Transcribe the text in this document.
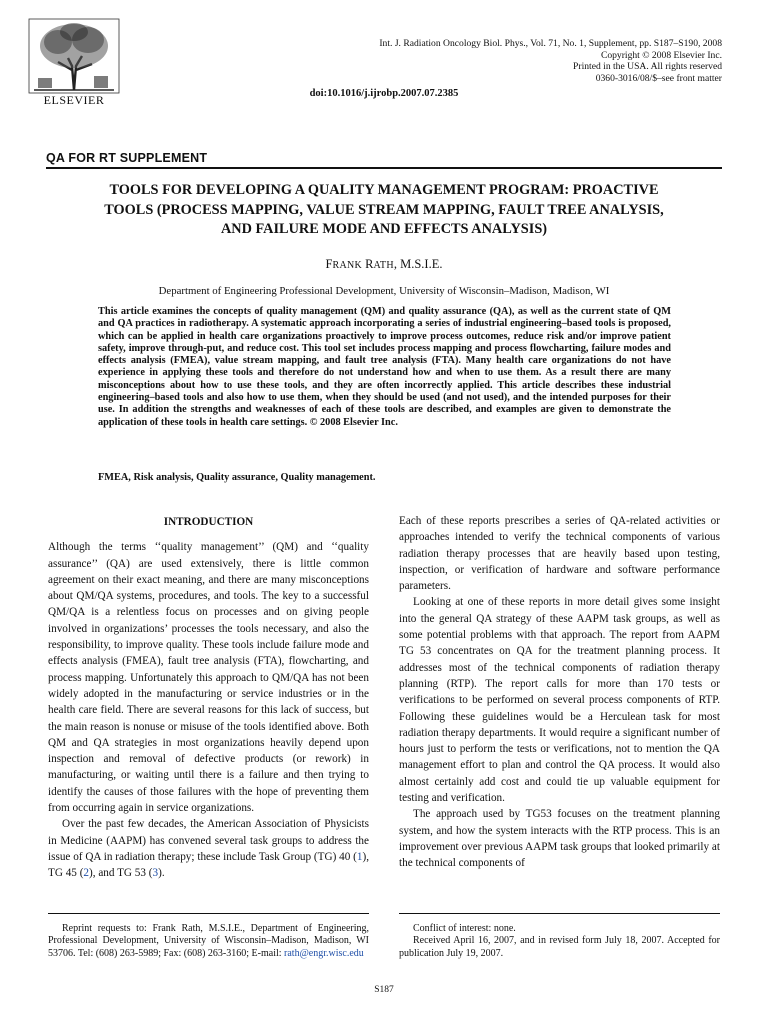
ELSEVIER
Int. J. Radiation Oncology Biol. Phys., Vol. 71, No. 1, Supplement, pp. S187–S190, 2008
Copyright © 2008 Elsevier Inc.
Printed in the USA. All rights reserved
0360-3016/08/$–see front matter
doi:10.1016/j.ijrobp.2007.07.2385
QA FOR RT SUPPLEMENT
TOOLS FOR DEVELOPING A QUALITY MANAGEMENT PROGRAM: PROACTIVE
TOOLS (PROCESS MAPPING, VALUE STREAM MAPPING, FAULT TREE ANALYSIS,
AND FAILURE MODE AND EFFECTS ANALYSIS)
FRANK RATH, M.S.I.E.
Department of Engineering Professional Development, University of Wisconsin–Madison, Madison, WI
This article examines the concepts of quality management (QM) and quality assurance (QA), as well as the current state of QM and QA practices in radiotherapy. A systematic approach incorporating a series of industrial engineering–based tools is proposed, which can be applied in health care organizations proactively to improve process outcomes, reduce risk and/or improve patient safety, improve through-put, and reduce cost. This tool set includes process mapping and process flowcharting, failure modes and effects analysis (FMEA), value stream mapping, and fault tree analysis (FTA). Many health care organizations do not have experience in applying these tools and therefore do not understand how and when to use them. As a result there are many misconceptions about how to use these tools, and they are often incorrectly applied. This article describes these industrial engineering–based tools and also how to use them, when they should be used (and not used), and the intended purposes for their use. In addition the strengths and weaknesses of each of these tools are described, and examples are given to demonstrate the application of these tools in health care settings. © 2008 Elsevier Inc.
FMEA, Risk analysis, Quality assurance, Quality management.

INTRODUCTION

Although the terms ‘‘quality management’’ (QM) and ‘‘quality assurance’’ (QA) are used extensively, there is little common agreement on their exact meaning, and there are many misconceptions about QM/QA systems, procedures, and tools. The key to a successful QM/QA is a relentless focus on processes and on giving people involved in organizations’ processes the tools necessary, and also the responsibility, to improve quality. These tools include failure mode and effects analysis (FMEA), fault tree analysis (FTA), flowcharting, and process mapping. Unfortunately this approach to QM/QA has not been widely adopted in the manufacturing or service industries or in the health care field. There are several reasons for this lack of success, but the main reason is nonuse or misuse of the tools identified above. Both QM and QA strategies in most organizations heavily depend upon inspection and removal of defective products (or rework) in manufacturing, or waiting until there is a failure and then trying to identify the causes of those failures with the hope of preventing them from occurring again in service organizations.

Over the past few decades, the American Association of Physicists in Medicine (AAPM) has convened several task groups to address the issue of QA in radiation therapy; these include Task Group (TG) 40 (1), TG 45 (2), and TG 53 (3).

Each of these reports prescribes a series of QA-related activities or approaches intended to verify the technical components of various radiation therapy processes that are heavily based upon testing, inspection, or verification of hardware and software performance parameters.

Looking at one of these reports in more detail gives some insight into the general QA strategy of these AAPM task groups, as well as some potential problems with that approach. The report from AAPM TG 53 concentrates on QA for the treatment planning process. It addresses most of the technical components of radiation therapy planning (RTP). The report calls for more than 170 tests or verifications to be performed on several process components of RTP. Following these guidelines would be a Herculean task for most radiation therapy departments. It would require a significant number of hours just to perform the tests or verifications, not to mention the QA management effort to plan and control the QA process. It would also almost certainly add cost and could tie up valuable equipment for testing and verification.

The approach used by TG53 focuses on the treatment planning system, and how the system interacts with the RTP process. This is an improvement over previous AAPM task groups that looked primarily at the technical components of

Reprint requests to: Frank Rath, M.S.I.E., Department of Engineering, Professional Development, University of Wisconsin–Madison, Madison, WI 53706. Tel: (608) 263-5989; Fax: (608) 263-3160; E-mail: rath@engr.wisc.edu

Conflict of interest: none.

Received April 16, 2007, and in revised form July 18, 2007. Accepted for publication July 19, 2007.

S187
